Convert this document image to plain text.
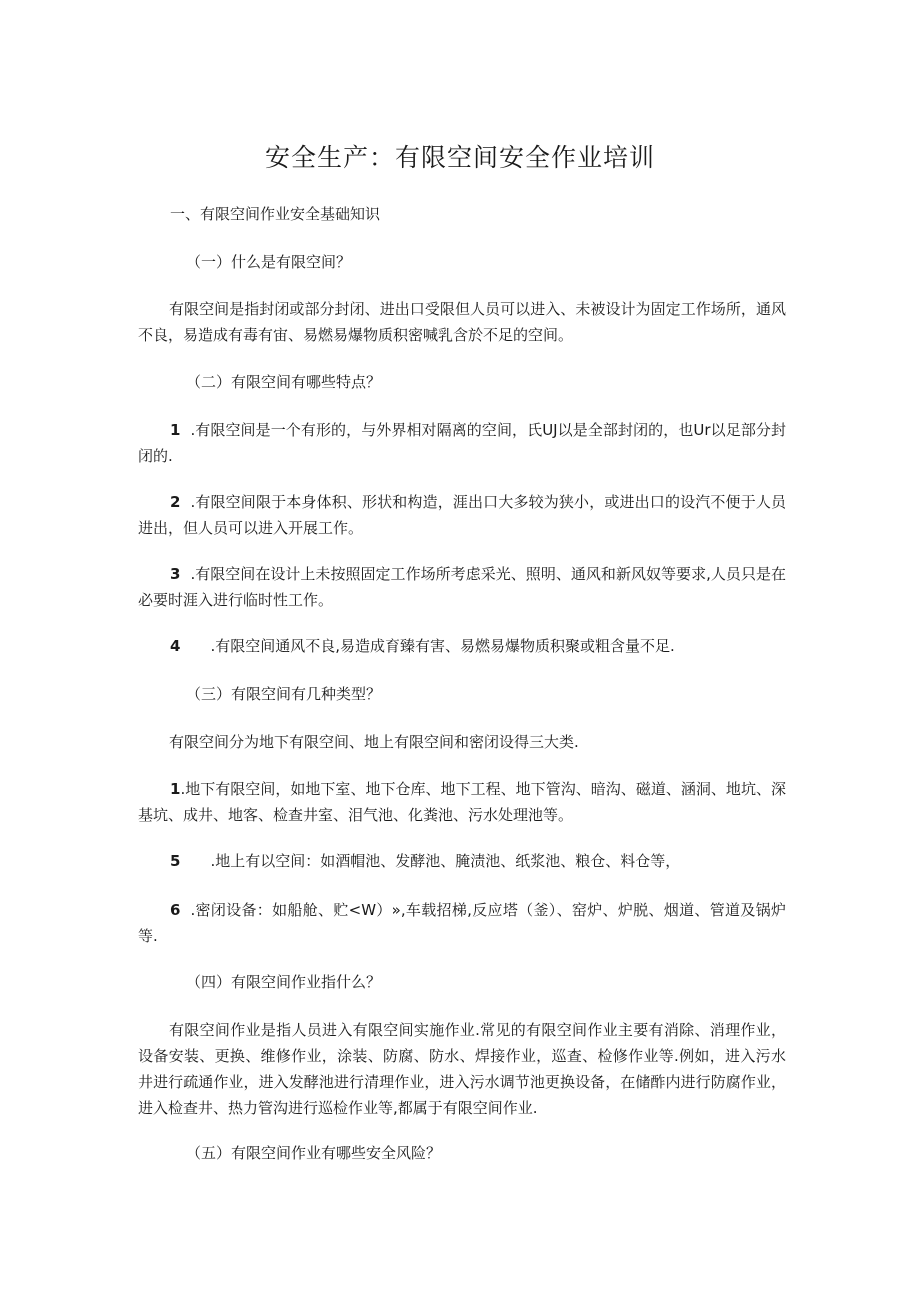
安全生产：有限空间安全作业培训
一、有限空间作业安全基础知识
（一）什么是有限空间？
有限空间是指封闭或部分封闭、进出口受限但人员可以进入、未被设计为固定工作场所，通风不良，易造成有毒有宙、易燃易爆物质积密喊乳含於不足的空间。
（二）有限空间有哪些特点？
1 .有限空间是一个有形的，与外界相对隔离的空间，氏UJ以是全部封闭的，也Ur以足部分封闭的.
2 .有限空间限于本身体积、形状和构造，涯出口大多较为狭小，或进出口的设汽不便于人员进出，但人员可以进入开展工作。
3 .有限空间在设计上未按照固定工作场所考虑采光、照明、通风和新风奴等要求,人员只是在必要时涯入进行临时性工作。
4 .有限空间通风不良,易造成育臻有害、易燃易爆物质积聚或粗含量不足.
（三）有限空间有几种类型？
有限空间分为地下有限空间、地上有限空间和密闭设得三大类.
1.地下有限空间，如地下室、地下仓库、地下工程、地下管沟、暗沟、磁道、涵洞、地坑、深基坑、成井、地客、检查井室、泪气池、化粪池、污水处理池等。
5 .地上有以空间：如酒帽池、发酵池、腌渍池、纸浆池、粮仓、料仓等，
6 .密闭设备：如船舱、贮<W）»,车载招梯,反应塔（釜）、窑炉、炉脱、烟道、管道及锅炉等.
（四）有限空间作业指什么？
有限空间作业是指人员进入有限空间实施作业.常见的有限空间作业主要有消除、消理作业，设备安装、更换、维修作业，涂装、防腐、防水、焊接作业，巡查、检修作业等.例如，进入污水井进行疏通作业，进入发酵池进行清理作业，进入污水调节池更换设备，在储酢内进行防腐作业，进入检查井、热力管沟进行巡检作业等,都属于有限空间作业.
（五）有限空间作业有哪些安全风险？
